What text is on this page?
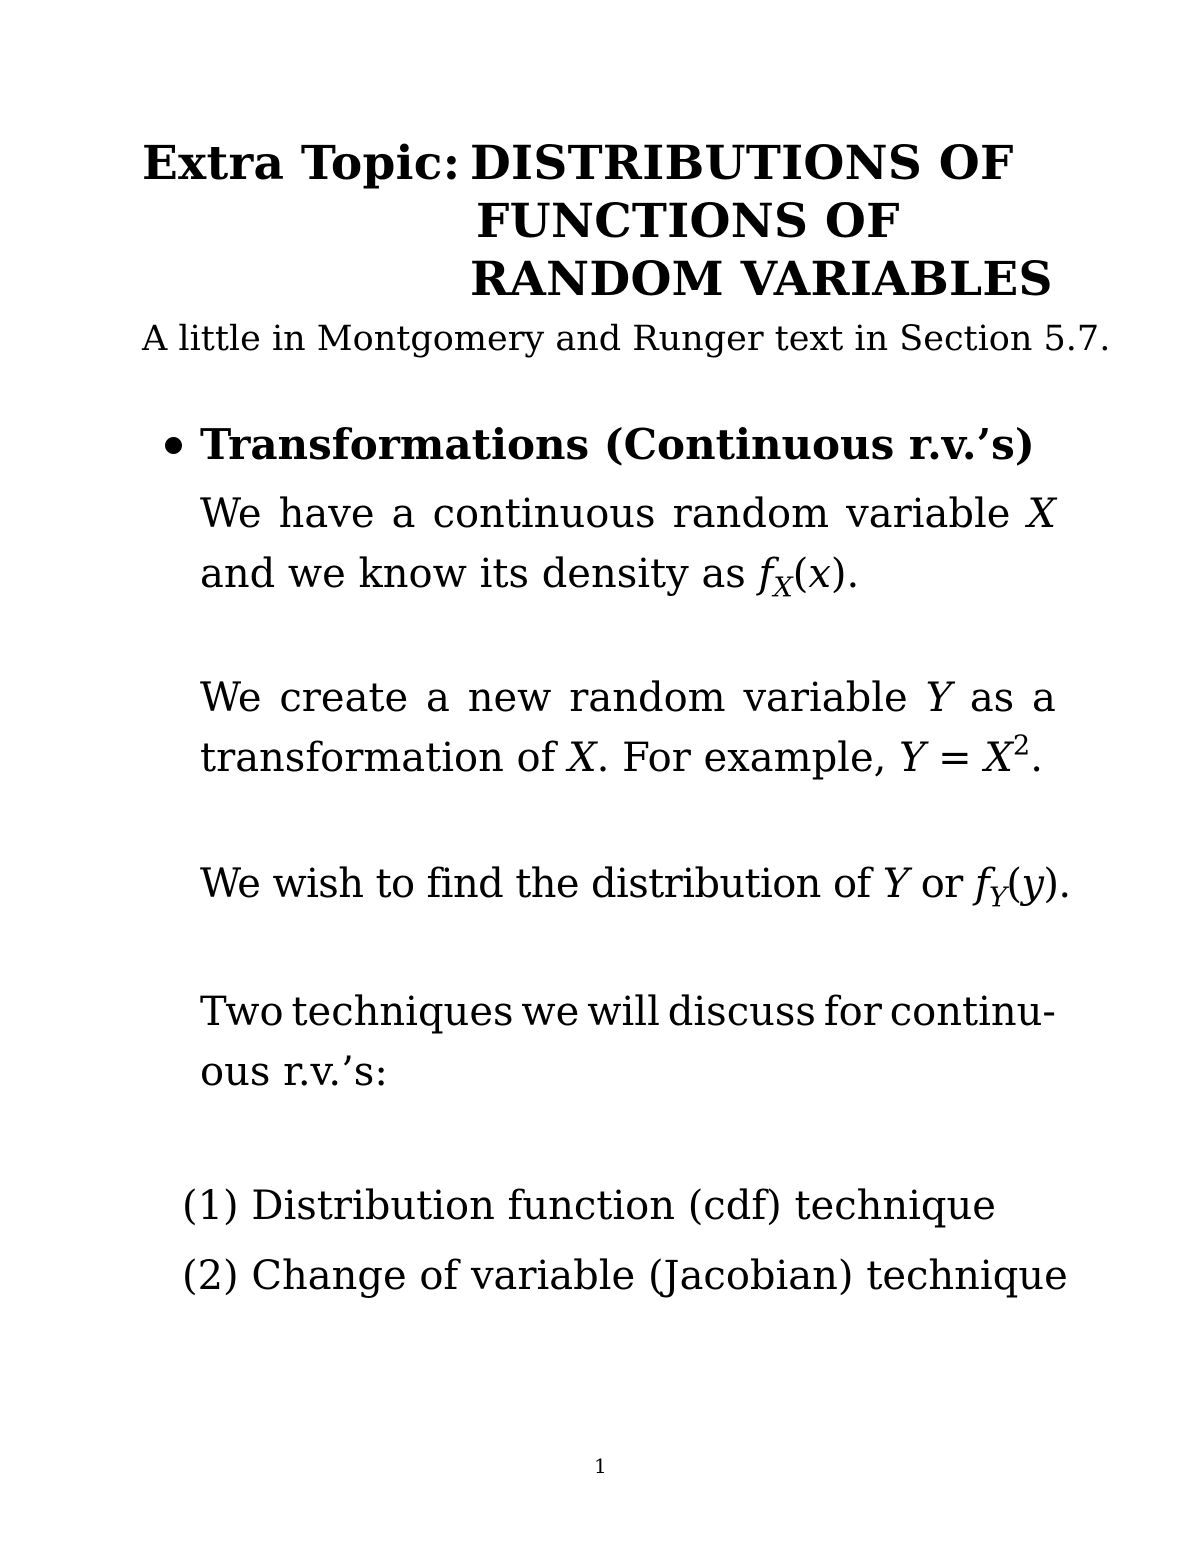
Extra Topic: DISTRIBUTIONS OF
FUNCTIONS OF
RANDOM VARIABLES
A little in Montgomery and Runger text in Section 5.7.
Transformations (Continuous r.v.’s)
We have a continuous random variable X
and we know its density as $f_X(x)$.
We create a new random variable Y as a
transformation of X. For example, $Y = X^2$.
We wish to find the distribution of Y or $f_Y(y)$.
Two techniques we will discuss for continu-
ous r.v.’s:
(1) Distribution function (cdf) technique
(2) Change of variable (Jacobian) technique
1
